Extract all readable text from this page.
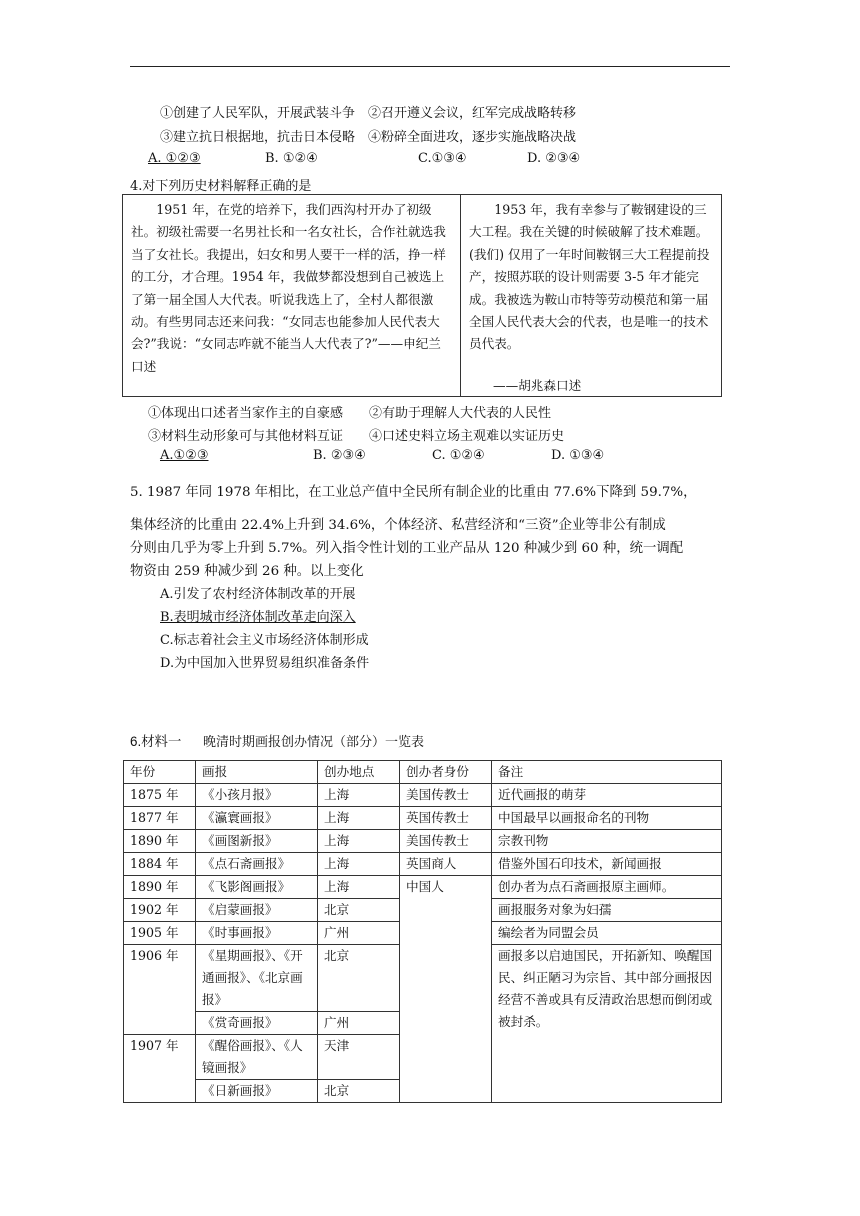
①创建了人民军队，开展武装斗争　②召开遵义会议，红军完成战略转移
③建立抗日根据地，抗击日本侵略　④粉碎全面进攻，逐步实施战略决战
A. ①②③	B. ①②④	C.①③④	D. ②③④
4.对下列历史材料解释正确的是
1951 年，在党的培养下，我们西沟村开办了初级社。初级社需要一名男社长和一名女社长，合作社就选我当了女社长。我提出，妇女和男人要干一样的活，挣一样的工分，才合理。1954 年，我做梦都没想到自己被选上了第一届全国人大代表。听说我选上了，全村人都很激动。有些男同志还来问我：“女同志也能参加人民代表大会?”我说：“女同志咋就不能当人大代表了?”——申纪兰口述
1953 年，我有幸参与了鞍钢建设的三大工程。我在关键的时候破解了技术难题。(我们) 仅用了一年时间鞍钢三大工程提前投产，按照苏联的设计则需要 3-5 年才能完成。我被选为鞍山市特等劳动模范和第一届全国人民代表大会的代表，也是唯一的技术员代表。
——胡兆森口述
①体现出口述者当家作主的自豪感　　②有助于理解人大代表的人民性
③材料生动形象可与其他材料互证　　④口述史料立场主观难以实证历史
A.①②③	B. ②③④	C. ①②④	D. ①③④
5. 1987 年同 1978 年相比，在工业总产值中全民所有制企业的比重由 77.6%下降到 59.7%，
集体经济的比重由 22.4%上升到 34.6%，个体经济、私营经济和“三资”企业等非公有制成
分则由几乎为零上升到 5.7%。列入指令性计划的工业产品从 120 种减少到 60 种，统一调配
物资由 259 种减少到 26 种。以上变化
A.引发了农村经济体制改革的开展
B.表明城市经济体制改革走向深入
C.标志着社会主义市场经济体制形成
D.为中国加入世界贸易组织准备条件
6.材料一 晚清时期画报创办情况（部分）一览表
年份	画报	创办地点	创办者身份	备注
1875 年	《小孩月报》	上海	美国传教士	近代画报的萌芽
1877 年	《瀛寰画报》	上海	英国传教士	中国最早以画报命名的刊物
1890 年	《画图新报》	上海	美国传教士	宗教刊物
1884 年	《点石斋画报》	上海	英国商人	借鉴外国石印技术，新闻画报
1890 年	《飞影阁画报》	上海	中国人	创办者为点石斋画报原主画师。
1902 年	《启蒙画报》	北京		画报服务对象为妇孺
1905 年	《时事画报》	广州		编绘者为同盟会员
1906 年	《星期画报》、《开通画报》、《北京画报》	北京		画报多以启迪国民，开拓新知、唤醒国民、纠正陋习为宗旨、其中部分画报因经营不善或具有反清政治思想而倒闭或被封杀。
	《赏奇画报》	广州		
1907 年	《醒俗画报》、《人镜画报》	天津		
	《日新画报》	北京		
